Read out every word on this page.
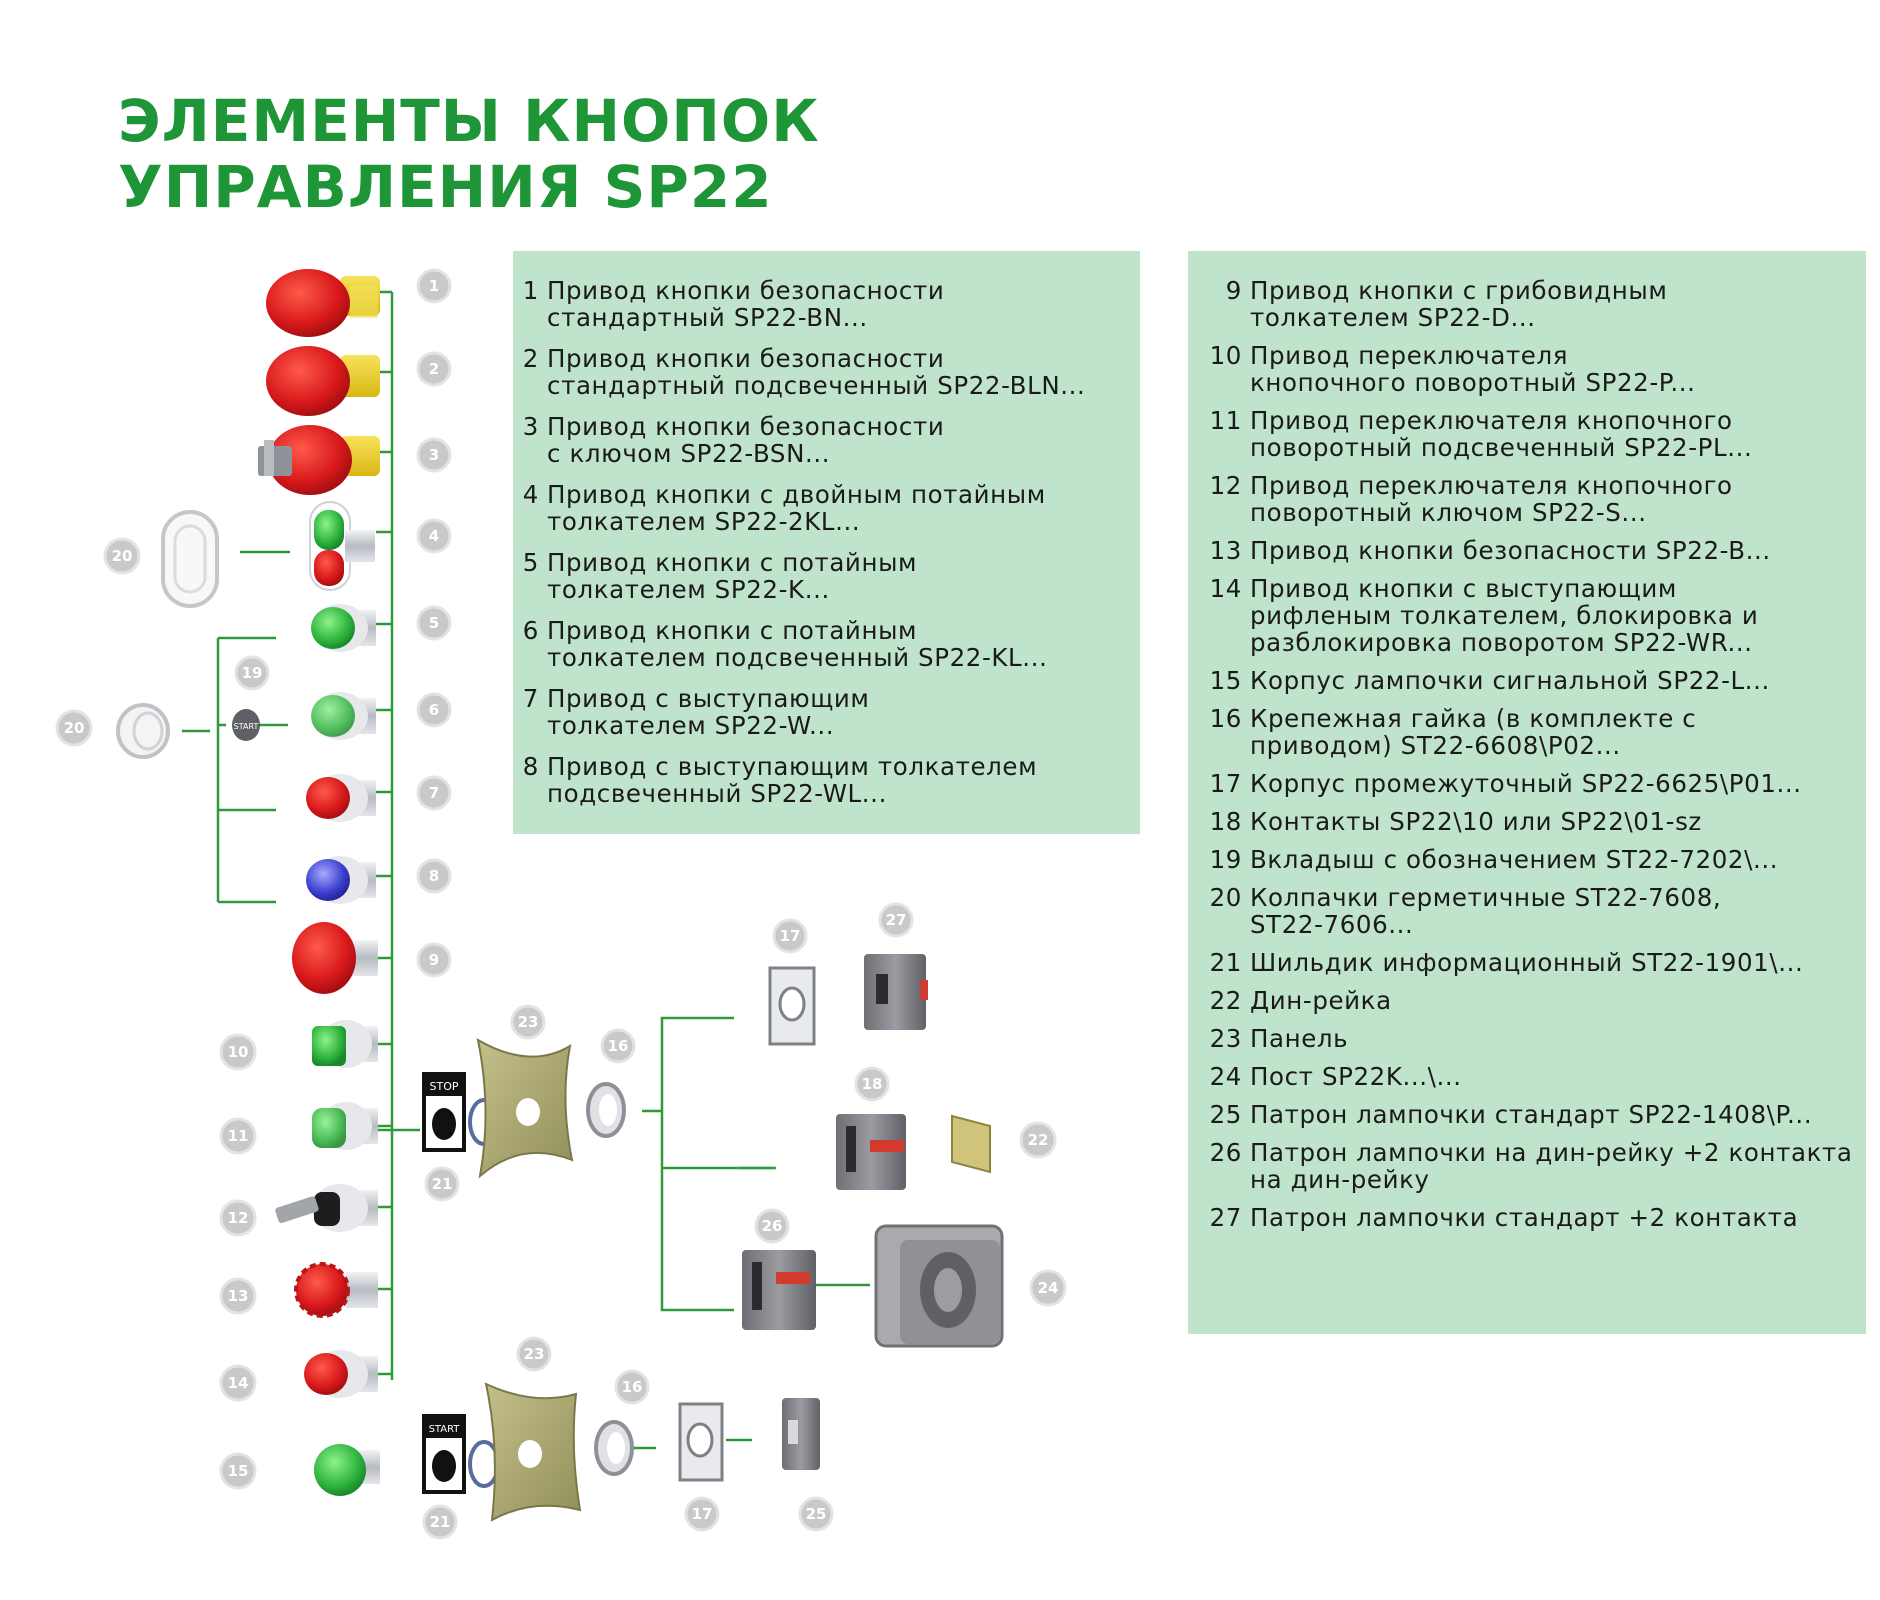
ЭЛЕМЕНТЫ КНОПОК
УПРАВЛЕНИЯ SP22
START
STOP
START
1
2
3
4
5
6
7
8
9
10
11
12
13
14
15
16
16
17
17
18
19
20
20
21
21
22
23
23
24
25
26
27
1 Привод кнопки безопасности
стандартный SP22-BN...
2 Привод кнопки безопасности
стандартный подсвеченный SP22-BLN...
3 Привод кнопки безопасности
с ключом SP22-BSN...
4 Привод кнопки с двойным потайным
толкателем SP22-2KL...
5 Привод кнопки с потайным
толкателем SP22-K...
6 Привод кнопки с потайным
толкателем подсвеченный SP22-KL...
7 Привод с выступающим
толкателем SP22-W...
8 Привод с выступающим толкателем
подсвеченный SP22-WL...
9 Привод кнопки с грибовидным
толкателем SP22-D...
10 Привод переключателя
кнопочного поворотный SP22-P...
11 Привод переключателя кнопочного
поворотный подсвеченный SP22-PL...
12 Привод переключателя кнопочного
поворотный ключом SP22-S...
13 Привод кнопки безопасности SP22-B...
14 Привод кнопки с выступающим
рифленым толкателем, блокировка и
разблокировка поворотом SP22-WR...
15 Корпус лампочки сигнальной SP22-L...
16 Крепежная гайка (в комплекте с
приводом) ST22-6608\P02...
17 Корпус промежуточный SP22-6625\P01...
18 Контакты SP22\10 или SP22\01-sz
19 Вкладыш с обозначением ST22-7202\...
20 Колпачки герметичные ST22-7608,
ST22-7606...
21 Шильдик информационный ST22-1901\...
22 Дин-рейка
23 Панель
24 Пост SP22K...\...
25 Патрон лампочки стандарт SP22-1408\P...
26 Патрон лампочки на дин-рейку +2 контакта
на дин-рейку
27 Патрон лампочки стандарт +2 контакта
